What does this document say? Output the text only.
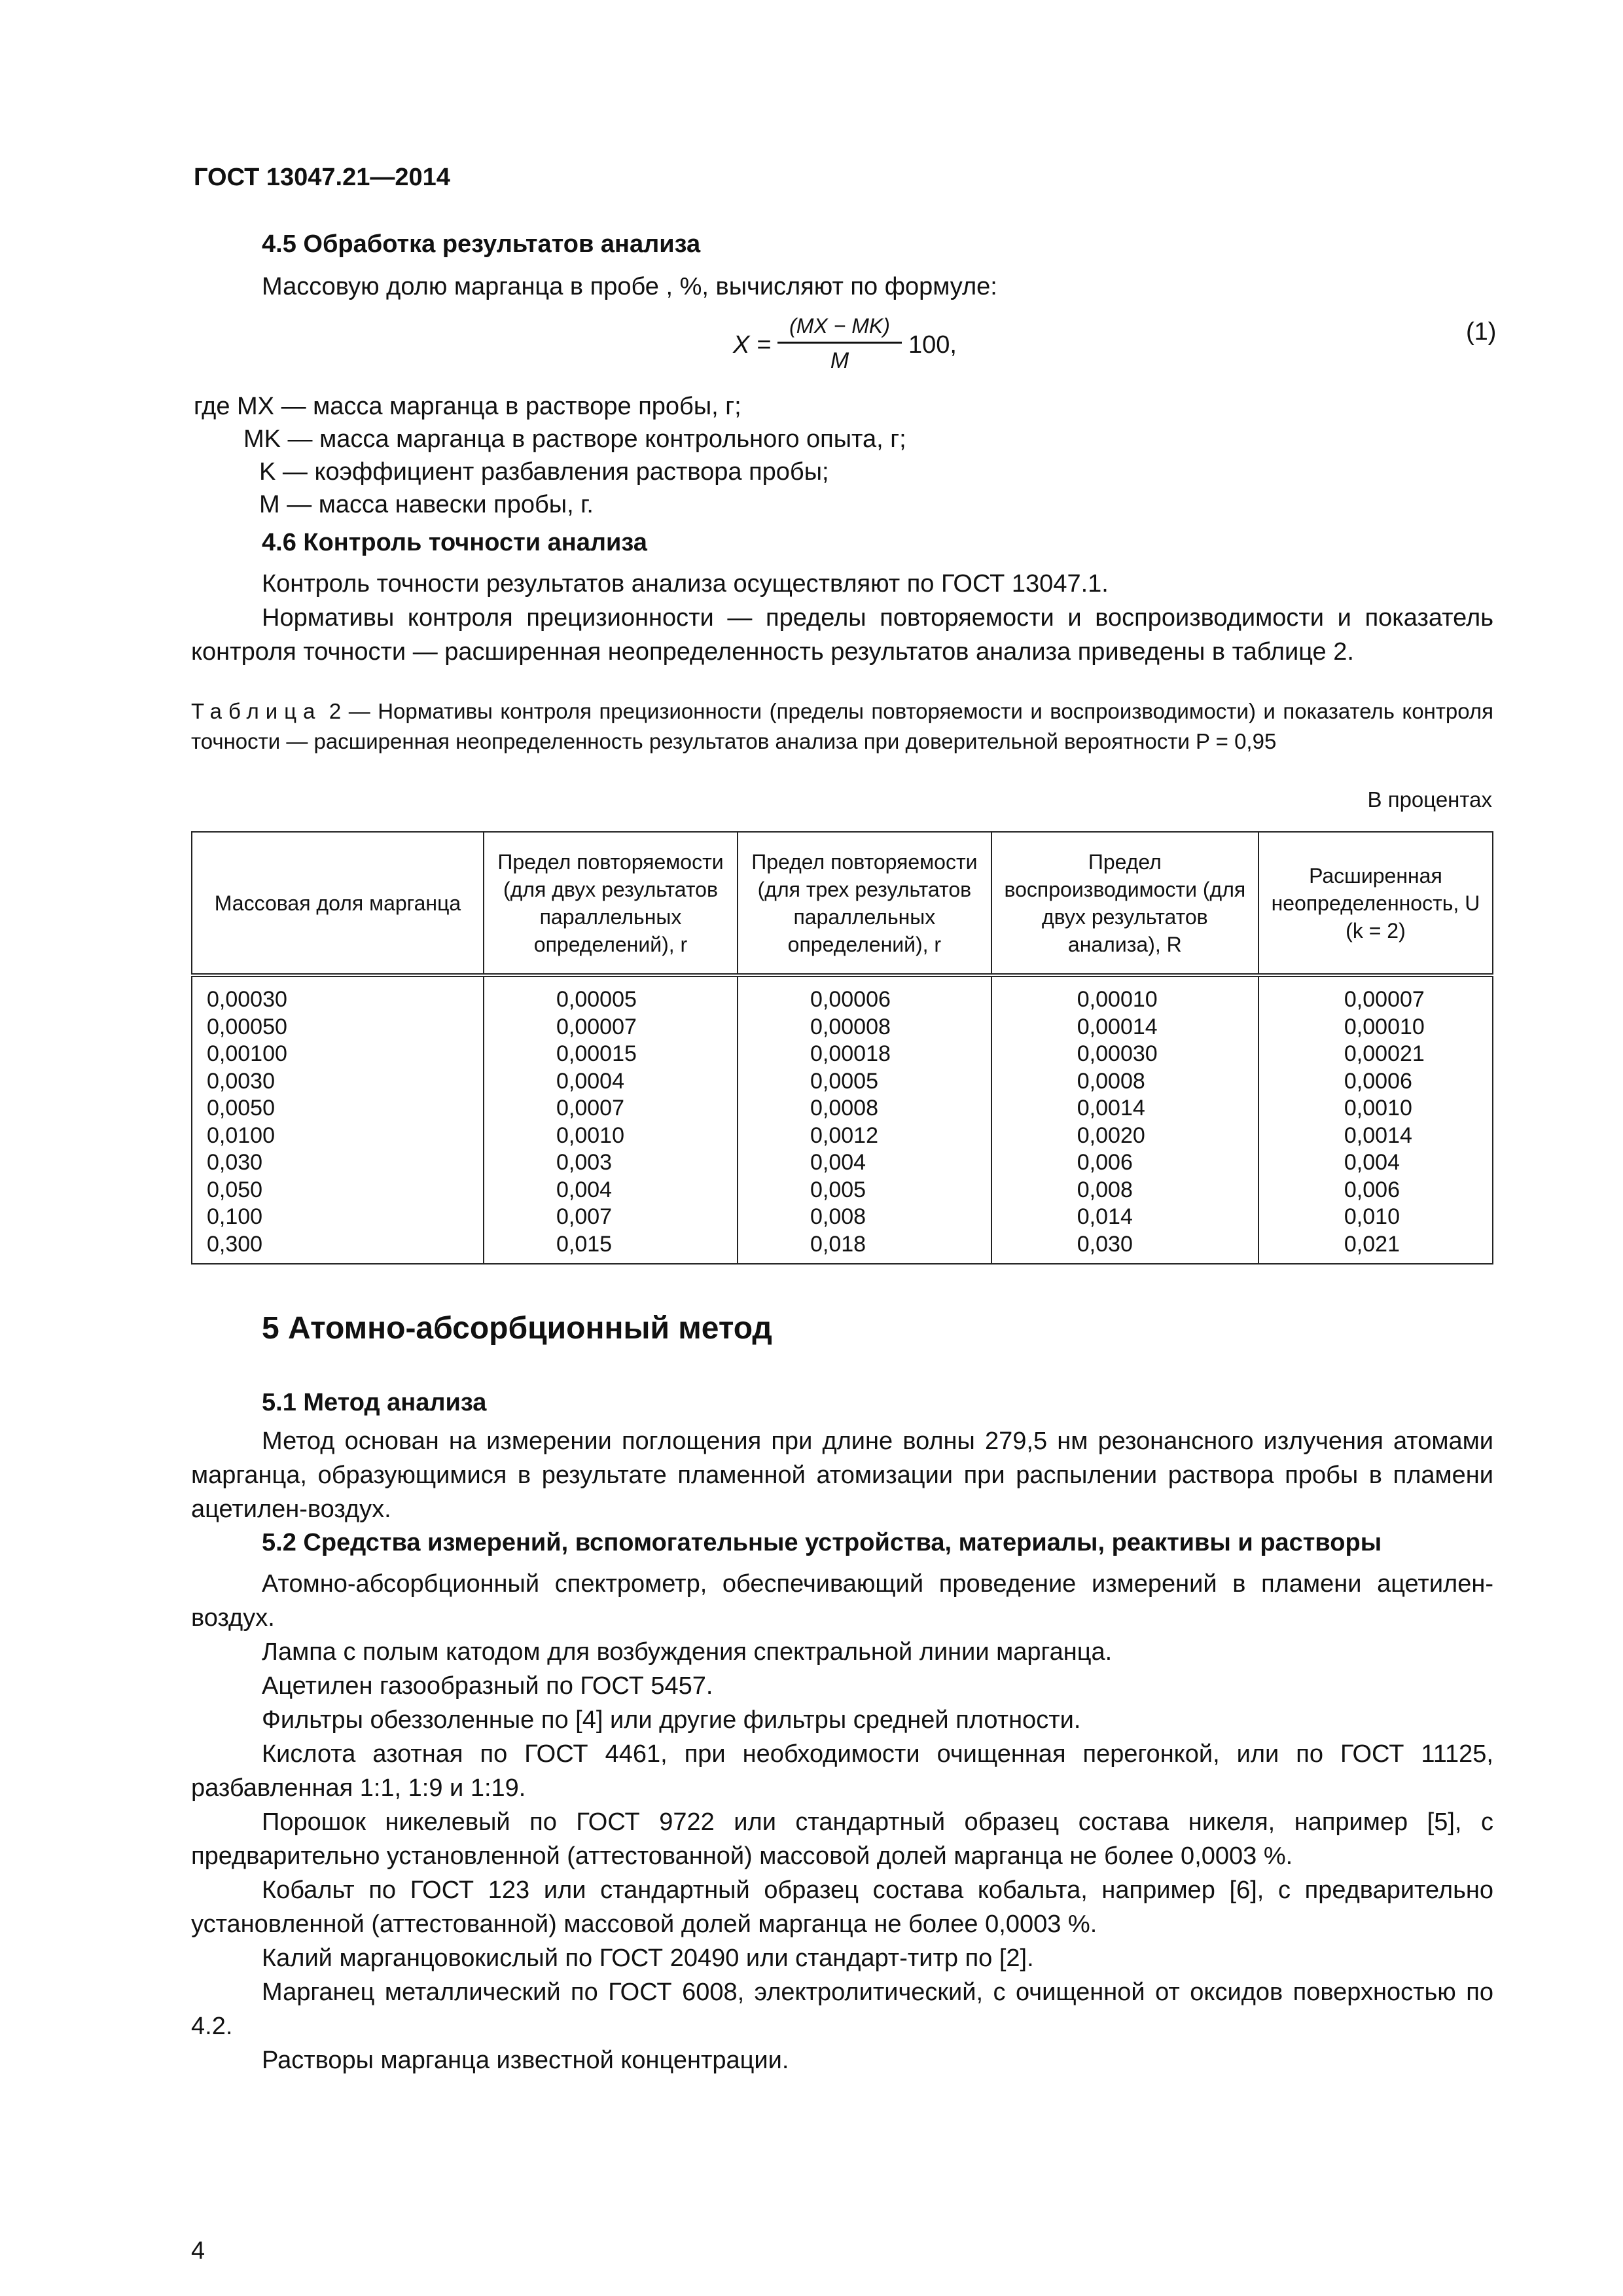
ГОСТ 13047.21—2014
4.5 Обработка результатов анализа
Массовую долю марганца в пробе , %, вычисляют по формуле:
X =
(MX − MK)
M
100,	(1)
где MX — масса марганца в растворе пробы, г;
MK — масса марганца в растворе контрольного опыта, г;
K — коэффициент разбавления раствора пробы;
M — масса навески пробы, г.
4.6 Контроль точности анализа
Контроль точности результатов анализа осуществляют по ГОСТ 13047.1.
Нормативы контроля прецизионности — пределы повторяемости и воспроизводимости и показатель контроля точности — расширенная неопределенность результатов анализа приведены в таблице 2.
Таблица 2 — Нормативы контроля прецизионности (пределы повторяемости и воспроизводимости) и показатель контроля точности — расширенная неопределенность результатов анализа при доверительной вероятности P = 0,95
В процентах
Массовая доля марганца	Предел повторяемости (для двух результатов параллельных определений), r	Предел повторяемости (для трех результатов параллельных определений), r	Предел воспроизводимости (для двух результатов анализа), R	Расширенная неопределенность, U (k = 2)
0,00030	0,00005	0,00006	0,00010	0,00007
0,00050	0,00007	0,00008	0,00014	0,00010
0,00100	0,00015	0,00018	0,00030	0,00021
0,0030	0,0004	0,0005	0,0008	0,0006
0,0050	0,0007	0,0008	0,0014	0,0010
0,0100	0,0010	0,0012	0,0020	0,0014
0,030	0,003	0,004	0,006	0,004
0,050	0,004	0,005	0,008	0,006
0,100	0,007	0,008	0,014	0,010
0,300	0,015	0,018	0,030	0,021
5 Атомно-абсорбционный метод
5.1 Метод анализа
Метод основан на измерении поглощения при длине волны 279,5 нм резонансного излучения атомами марганца, образующимися в результате пламенной атомизации при распылении раствора пробы в пламени ацетилен-воздух.
5.2 Средства измерений, вспомогательные устройства, материалы, реактивы и растворы
Атомно-абсорбционный спектрометр, обеспечивающий проведение измерений в пламени ацетилен-воздух.
Лампа с полым катодом для возбуждения спектральной линии марганца.
Ацетилен газообразный по ГОСТ 5457.
Фильтры обеззоленные по [4] или другие фильтры средней плотности.
Кислота азотная по ГОСТ 4461, при необходимости очищенная перегонкой, или по ГОСТ 11125, разбавленная 1:1, 1:9 и 1:19.
Порошок никелевый по ГОСТ 9722 или стандартный образец состава никеля, например [5], с предварительно установленной (аттестованной) массовой долей марганца не более 0,0003 %.
Кобальт по ГОСТ 123 или стандартный образец состава кобальта, например [6], с предварительно установленной (аттестованной) массовой долей марганца не более 0,0003 %.
Калий марганцовокислый по ГОСТ 20490 или стандарт-титр по [2].
Марганец металлический по ГОСТ 6008, электролитический, с очищенной от оксидов поверхностью по 4.2.
Растворы марганца известной концентрации.
4
